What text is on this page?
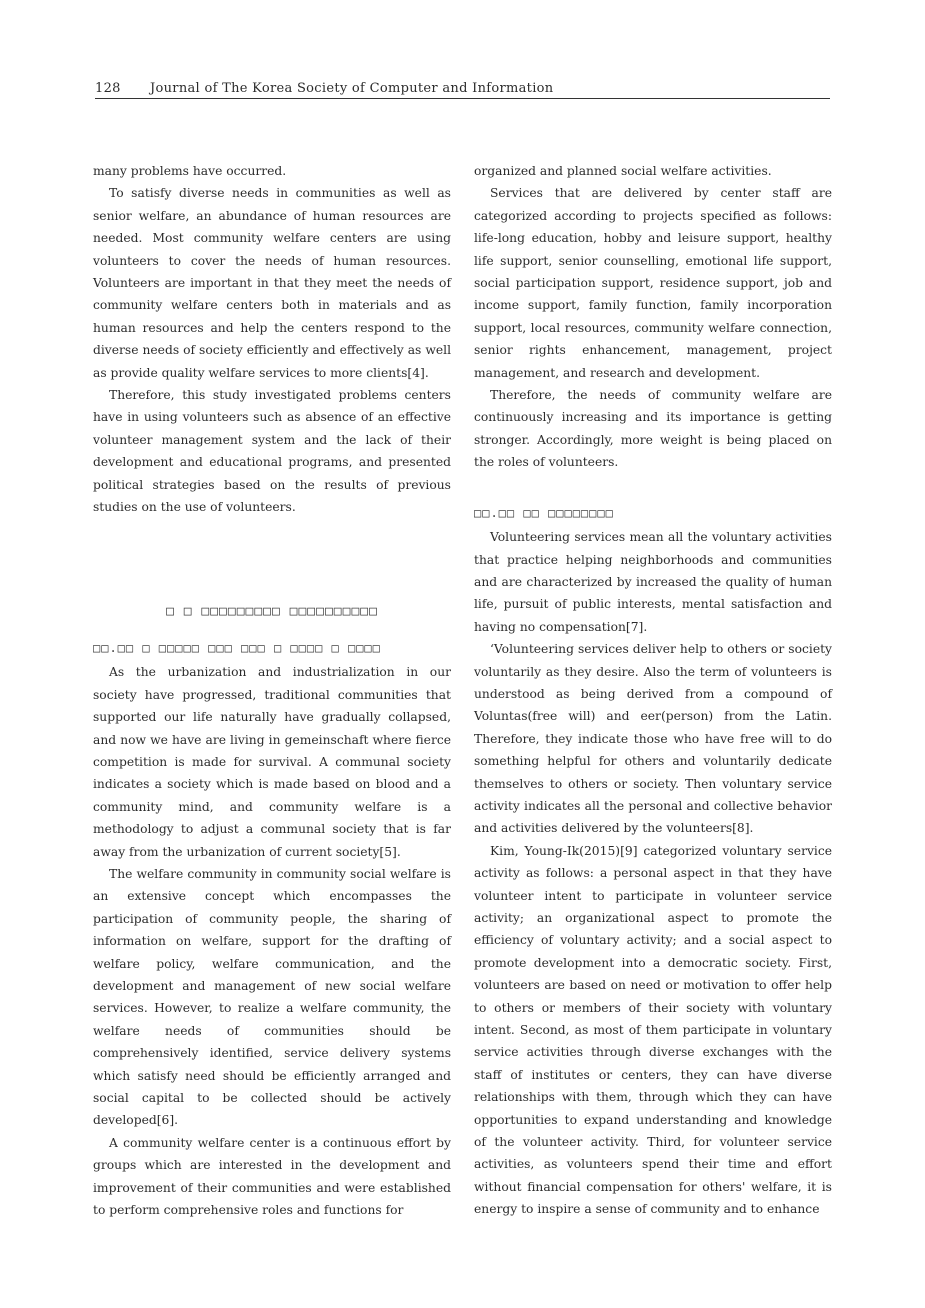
128 Journal of The Korea Society of Computer and Information

many problems have occurred.

To satisfy diverse needs in communities as well as senior welfare, an abundance of human resources are needed. Most community welfare centers are using volunteers to cover the needs of human resources. Volunteers are important in that they meet the needs of community welfare centers both in materials and as human resources and help the centers respond to the diverse needs of society efficiently and effectively as well as provide quality welfare services to more clients[4].

Therefore, this study investigated problems centers have in using volunteers such as absence of an effective volunteer management system and the lack of their development and educational programs, and presented political strategies based on the results of previous studies on the use of volunteers.

□ □ □□□□□□□□□ □□□□□□□□□□
□□.□□ □ □□□□□ □□□ □□□ □ □□□□ □ □□□□

As the urbanization and industrialization in our society have progressed, traditional communities that supported our life naturally have gradually collapsed, and now we have are living in gemeinschaft where fierce competition is made for survival. A communal society indicates a society which is made based on blood and a community mind, and community welfare is a methodology to adjust a communal society that is far away from the urbanization of current society[5].

The welfare community in community social welfare is an extensive concept which encompasses the participation of community people, the sharing of information on welfare, support for the drafting of welfare policy, welfare communication, and the development and management of new social welfare services. However, to realize a welfare community, the welfare needs of communities should be comprehensively identified, service delivery systems which satisfy need should be efficiently arranged and social capital to be collected should be actively developed[6].

A community welfare center is a continuous effort by groups which are interested in the development and improvement of their communities and were established to perform comprehensive roles and functions for

organized and planned social welfare activities.

Services that are delivered by center staff are categorized according to projects specified as follows: life-long education, hobby and leisure support, healthy life support, senior counselling, emotional life support, social participation support, residence support, job and income support, family function, family incorporation support, local resources, community welfare connection, senior rights enhancement, management, project management, and research and development.

Therefore, the needs of community welfare are continuously increasing and its importance is getting stronger. Accordingly, more weight is being placed on the roles of volunteers.

□□.□□ □□ □□□□□□□□

Volunteering services mean all the voluntary activities that practice helping neighborhoods and communities and are characterized by increased the quality of human life, pursuit of public interests, mental satisfaction and having no compensation[7].

‘Volunteering services deliver help to others or society voluntarily as they desire. Also the term of volunteers is understood as being derived from a compound of Voluntas(free will) and eer(person) from the Latin. Therefore, they indicate those who have free will to do something helpful for others and voluntarily dedicate themselves to others or society. Then voluntary service activity indicates all the personal and collective behavior and activities delivered by the volunteers[8].

Kim, Young-Ik(2015)[9] categorized voluntary service activity as follows: a personal aspect in that they have volunteer intent to participate in volunteer service activity; an organizational aspect to promote the efficiency of voluntary activity; and a social aspect to promote development into a democratic society. First, volunteers are based on need or motivation to offer help to others or members of their society with voluntary intent. Second, as most of them participate in voluntary service activities through diverse exchanges with the staff of institutes or centers, they can have diverse relationships with them, through which they can have opportunities to expand understanding and knowledge of the volunteer activity. Third, for volunteer service activities, as volunteers spend their time and effort without financial compensation for others' welfare, it is energy to inspire a sense of community and to enhance
